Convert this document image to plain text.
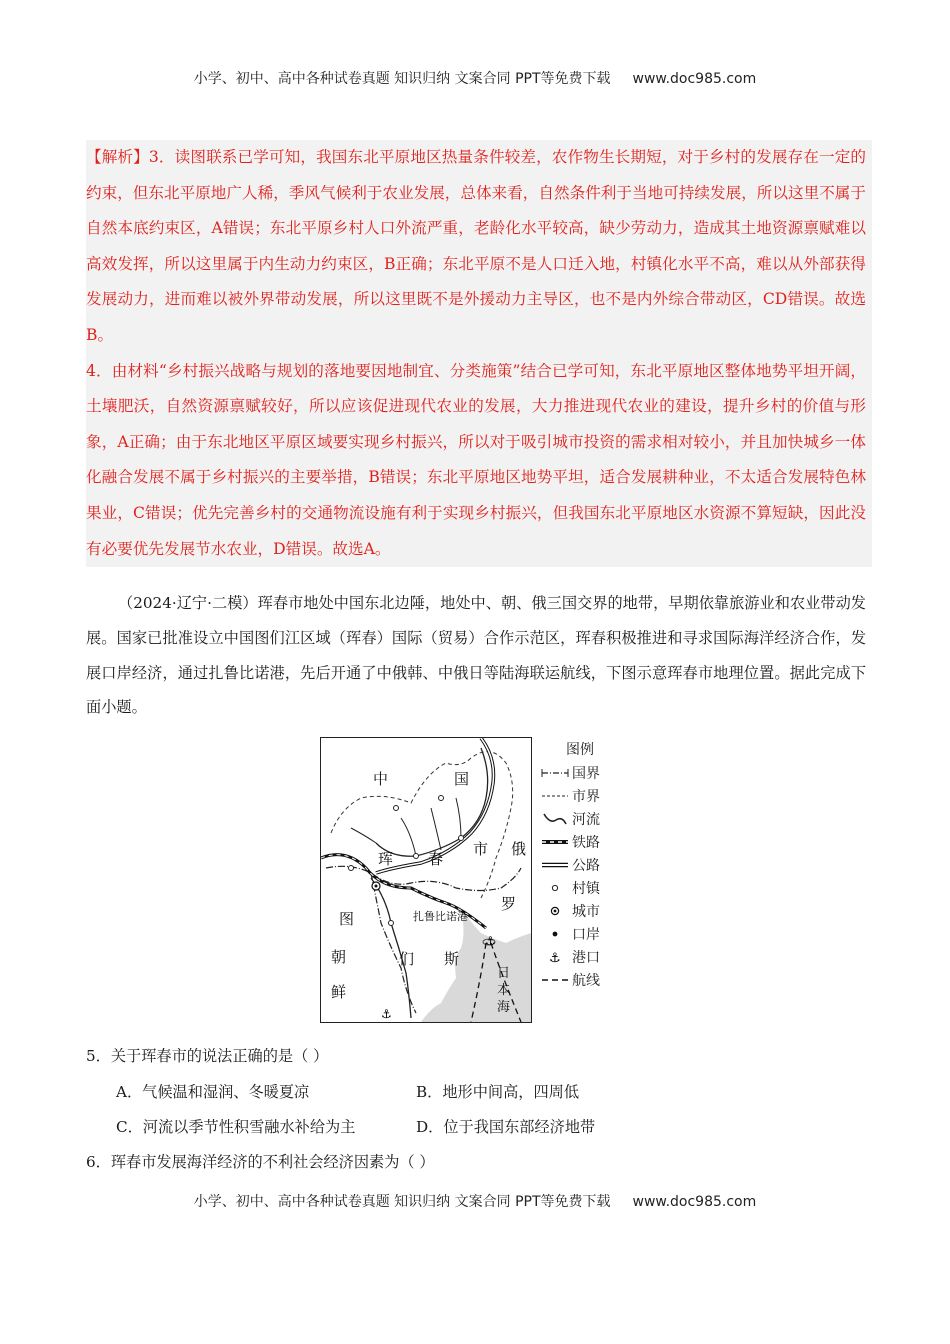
小学、初中、高中各种试卷真题 知识归纳 文案合同 PPT等免费下载 www.doc985.com

【解析】3．读图联系已学可知，我国东北平原地区热量条件较差，农作物生长期短，对于乡村的发展存在一定的约束，但东北平原地广人稀，季风气候利于农业发展，总体来看，自然条件利于当地可持续发展，所以这里不属于自然本底约束区，A错误；东北平原乡村人口外流严重，老龄化水平较高，缺少劳动力，造成其土地资源禀赋难以高效发挥，所以这里属于内生动力约束区，B正确；东北平原不是人口迁入地，村镇化水平不高，难以从外部获得发展动力，进而难以被外界带动发展，所以这里既不是外援动力主导区，也不是内外综合带动区，CD错误。故选B。

4．由材料“乡村振兴战略与规划的落地要因地制宜、分类施策”结合已学可知，东北平原地区整体地势平坦开阔，土壤肥沃，自然资源禀赋较好，所以应该促进现代农业的发展，大力推进现代农业的建设，提升乡村的价值与形象，A正确；由于东北地区平原区域要实现乡村振兴，所以对于吸引城市投资的需求相对较小，并且加快城乡一体化融合发展不属于乡村振兴的主要举措，B错误；东北平原地区地势平坦，适合发展耕种业，不太适合发展特色林果业，C错误；优先完善乡村的交通物流设施有利于实现乡村振兴，但我国东北平原地区水资源不算短缺，因此没有必要优先发展节水农业，D错误。故选A。

（2024·辽宁·二模）珲春市地处中国东北边陲，地处中、朝、俄三国交界的地带，早期依靠旅游业和农业带动发展。国家已批准设立中国图们江区域（珲春）国际（贸易）合作示范区，珲春积极推进和寻求国际海洋经济合作，发展口岸经济，通过扎鲁比诺港，先后开通了中俄韩、中俄日等陆海联运航线，下图示意珲春市地理位置。据此完成下面小题。

⚓
⚓
中	国
珲 春
市 俄
罗
斯
图
们
朝
鲜
扎鲁比诺港
日
本
海
图例
国界
市界
河流
铁路
公路
村镇
城市
口岸
⚓ 港口
航线
5．关于珲春市的说法正确的是（ ）
A．气候温和湿润、冬暖夏凉	B．地形中间高，四周低
C．河流以季节性积雪融水补给为主	D．位于我国东部经济地带
6．珲春市发展海洋经济的不利社会经济因素为（ ）
小学、初中、高中各种试卷真题 知识归纳 文案合同 PPT等免费下载 www.doc985.com
